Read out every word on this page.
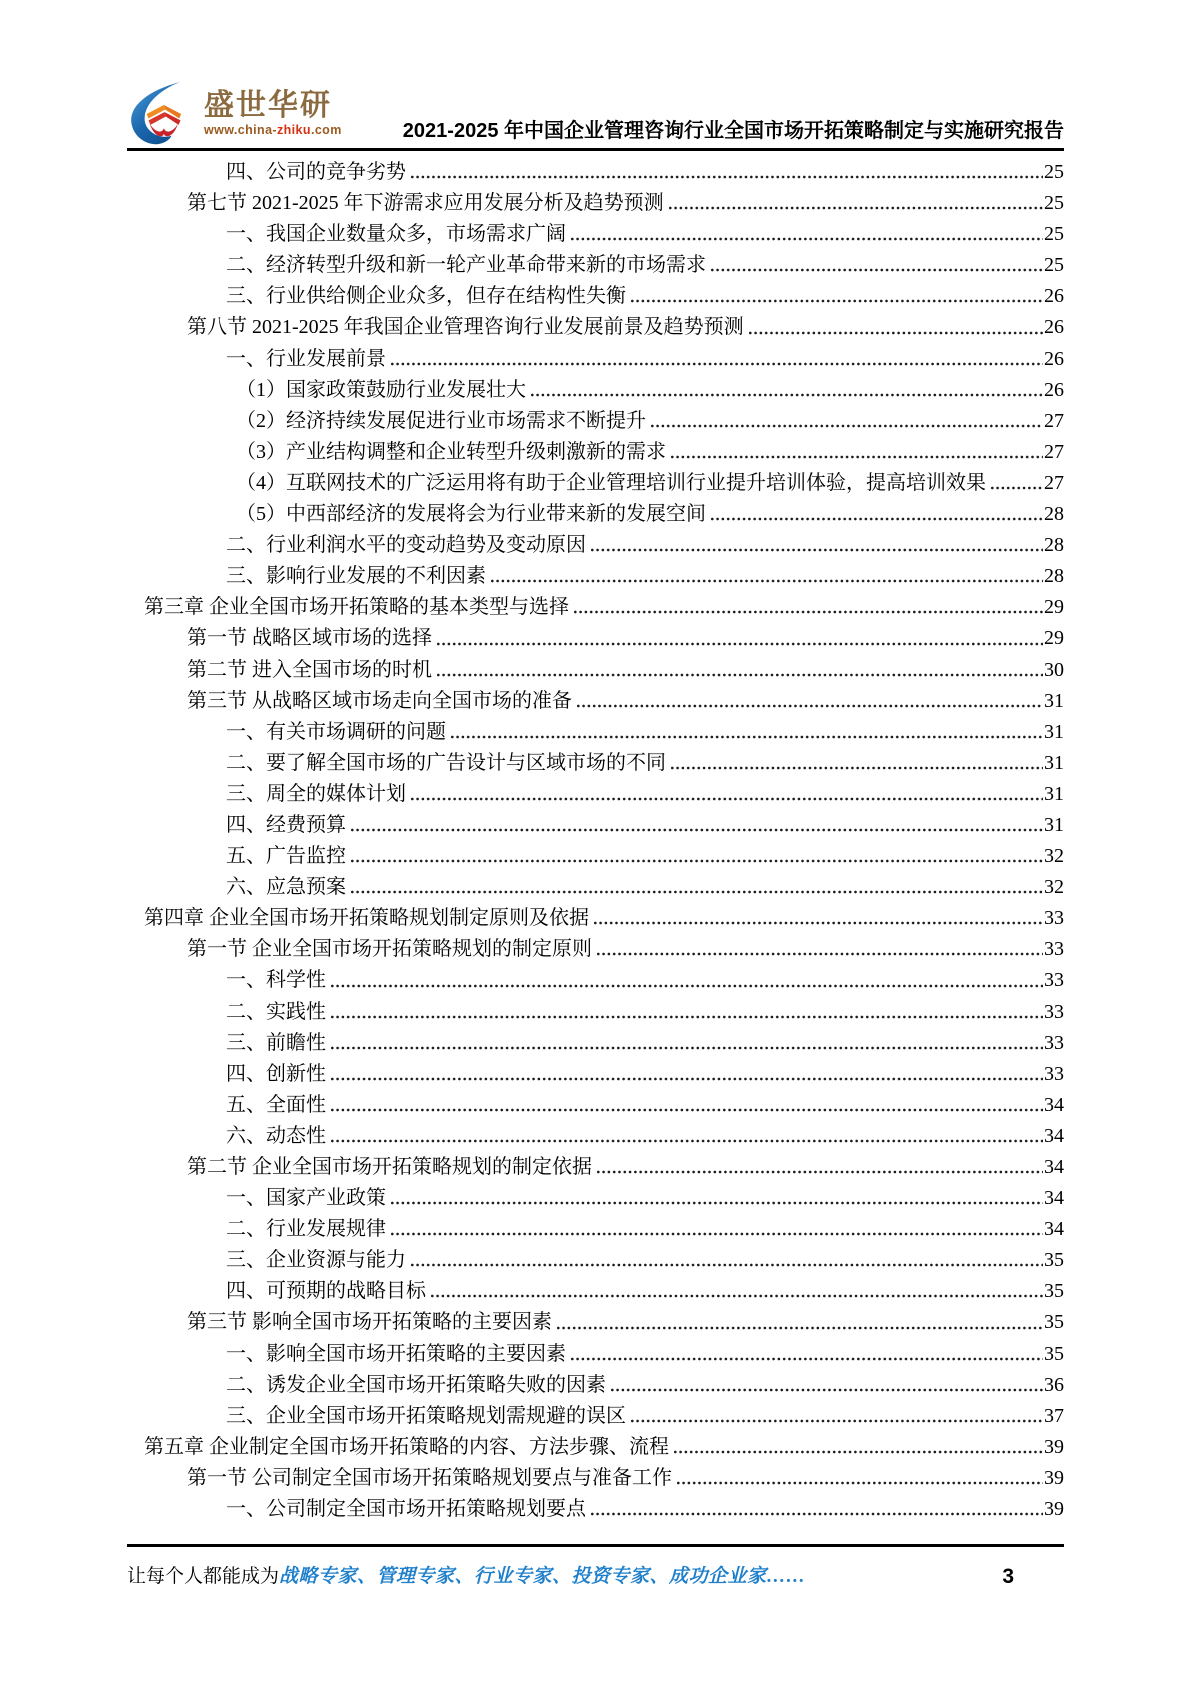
盛世华研
www.china-zhiku.com	2021-2025 年中国企业管理咨询行业全国市场开拓策略制定与实施研究报告
四、公司的竞争劣势	25
第七节 2021-2025 年下游需求应用发展分析及趋势预测	25
一、我国企业数量众多，市场需求广阔	25
二、经济转型升级和新一轮产业革命带来新的市场需求	25
三、行业供给侧企业众多，但存在结构性失衡	26
第八节 2021-2025 年我国企业管理咨询行业发展前景及趋势预测	26
一、行业发展前景	26
（1）国家政策鼓励行业发展壮大	26
（2）经济持续发展促进行业市场需求不断提升	27
（3）产业结构调整和企业转型升级刺激新的需求	27
（4）互联网技术的广泛运用将有助于企业管理培训行业提升培训体验，提高培训效果	27
（5）中西部经济的发展将会为行业带来新的发展空间	28
二、行业利润水平的变动趋势及变动原因	28
三、影响行业发展的不利因素	28
第三章 企业全国市场开拓策略的基本类型与选择	29
第一节 战略区域市场的选择	29
第二节 进入全国市场的时机	30
第三节 从战略区域市场走向全国市场的准备	31
一、有关市场调研的问题	31
二、要了解全国市场的广告设计与区域市场的不同	31
三、周全的媒体计划	31
四、经费预算	31
五、广告监控	32
六、应急预案	32
第四章 企业全国市场开拓策略规划制定原则及依据	33
第一节 企业全国市场开拓策略规划的制定原则	33
一、科学性	33
二、实践性	33
三、前瞻性	33
四、创新性	33
五、全面性	34
六、动态性	34
第二节 企业全国市场开拓策略规划的制定依据	34
一、国家产业政策	34
二、行业发展规律	34
三、企业资源与能力	35
四、可预期的战略目标	35
第三节 影响全国市场开拓策略的主要因素	35
一、影响全国市场开拓策略的主要因素	35
二、诱发企业全国市场开拓策略失败的因素	36
三、企业全国市场开拓策略规划需规避的误区	37
第五章 企业制定全国市场开拓策略的内容、方法步骤、流程	39
第一节 公司制定全国市场开拓策略规划要点与准备工作	39
一、公司制定全国市场开拓策略规划要点	39
让每个人都能成为战略专家、管理专家、行业专家、投资专家、成功企业家……	3
